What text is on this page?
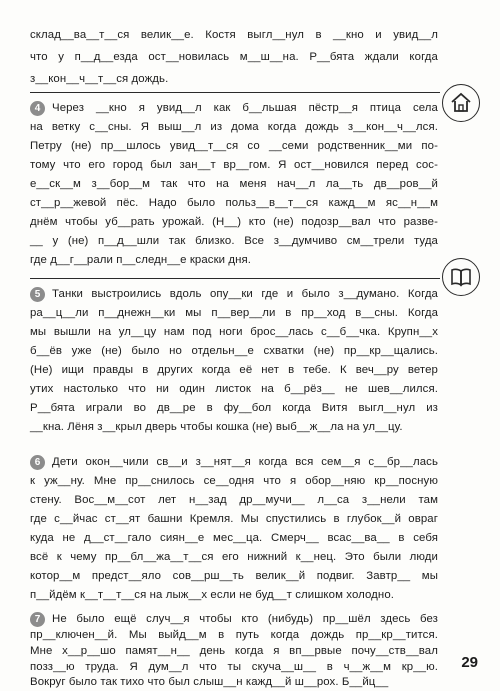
склад__ва__т__ся велик__е. Костя выгл__нул в __кно и увид__л
что у п__д__езда ост__новилась м__ш__на. Р__бята ждали когда
з__кон__ч__т__ся дождь.
4	Через __кно я увид__л как б__льшая пёстр__я птица села
на ветку с__сны. Я выш__л из дома когда дождь з__кон__ч__лся.
Петру (не) пр__шлось увид__т__ся со __семи родственник__ми по-
тому что его город был зан__т вр__гом. Я ост__новился перед сос-
е__ск__м з__бор__м так что на меня нач__л ла__ть дв__ров__й
ст__р__жевой пёс. Надо было польз__в__т__ся кажд__м яс__н__м
днём чтобы уб__рать урожай. (Н__) кто (не) подозр__вал что разве-
__ у (не) п__д__шли так близко. Все з__думчиво см__трели туда
где д__г__рали п__следн__е краски дня.
5	Танки выстроились вдоль опу__ки где и было з__думано. Когда
ра__ц__ли п__днежн__ки мы п__вер__ли в пр__ход в__сны. Когда
мы вышли на ул__цу нам под ноги брос__лась с__б__чка. Крупн__х
б__ёв уже (не) было но отдельн__е схватки (не) пр__кр__щались.
(Не) ищи правды в других когда её нет в тебе. К веч__ру ветер
утих настолько что ни один листок на б__рёз__ не шев__лился.
Р__бята играли во дв__ре в фу__бол когда Витя выгл__нул из
__кна. Лёня з__крыл дверь чтобы кошка (не) выб__ж__ла на ул__цу.
6	Дети окон__чили св__и з__нят__я когда вся сем__я с__бр__лась
к уж__ну. Мне пр__снилось се__одня что я обор__няю кр__посную
стену. Вос__м__сот лет н__зад др__мучи__ л__са з__нели там
где с__йчас ст__ят башни Кремля. Мы спустились в глубок__й овраг
куда не д__ст__гало сиян__е мес__ца. Смерч__ всас__ва__ в себя
всё к чему пр__бл__жа__т__ся его нижний к__нец. Это были люди
котор__м предст__яло сов__рш__ть велик__й подвиг. Завтр__ мы
п__йдём к__т__т__ся на лыж__х если не буд__т слишком холодно.
7	Не было ещё случ__я чтобы кто (нибудь) пр__шёл здесь без
пр__ключен__й. Мы выйд__м в путь когда дождь пр__кр__тится.
Мне х__р__шо памят__н__ день когда я вп__рвые почу__ств__вал
позз__ю труда. Я дум__л что ты скуча__ш__ в ч__ж__м кр__ю.
Вокруг было так тихо что был слыш__н кажд__й ш__рох. Б__йц__
29
